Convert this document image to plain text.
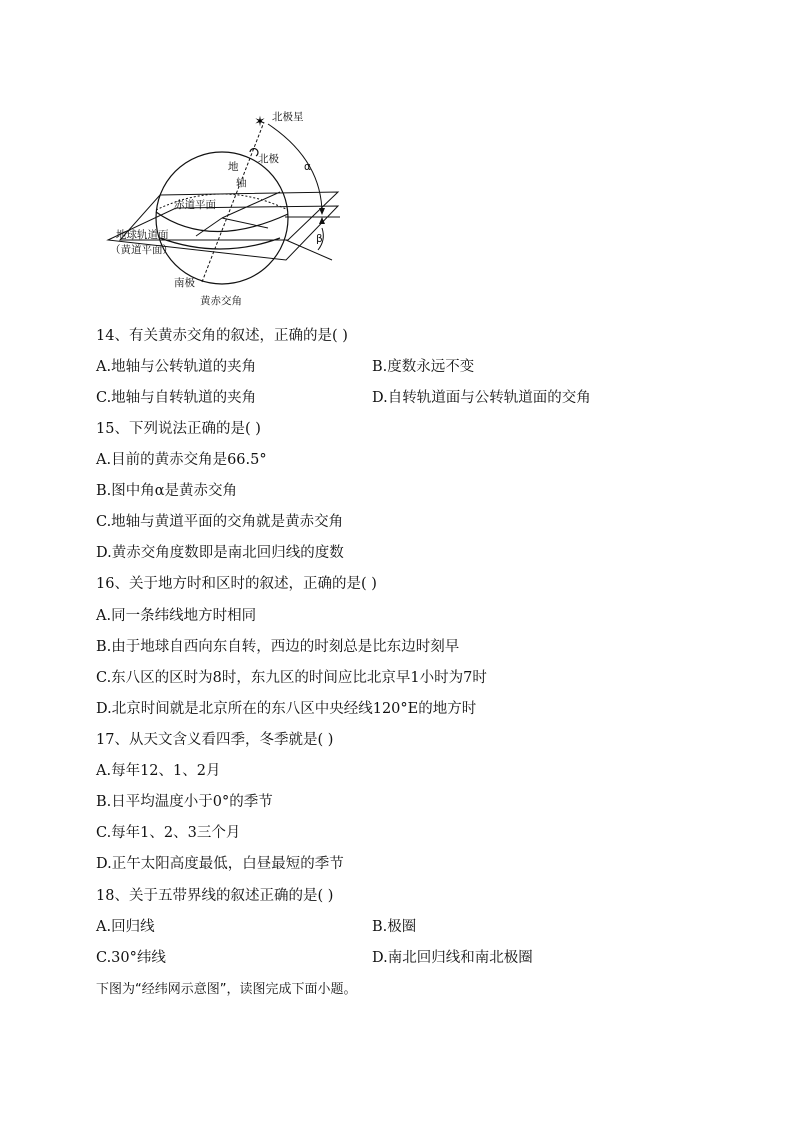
✶ 北极星
北极
地
轴
α
β
赤道平面
地球轨道面
（黄道平面）
南极
黄赤交角
14、有关黄赤交角的叙述，正确的是( )
A.地轴与公转轨道的夹角	B.度数永远不变
C.地轴与自转轨道的夹角	D.自转轨道面与公转轨道面的交角
15、下列说法正确的是( )
A.目前的黄赤交角是66.5°
B.图中角α是黄赤交角
C.地轴与黄道平面的交角就是黄赤交角
D.黄赤交角度数即是南北回归线的度数
16、关于地方时和区时的叙述，正确的是( )
A.同一条纬线地方时相同
B.由于地球自西向东自转，西边的时刻总是比东边时刻早
C.东八区的区时为8时，东九区的时间应比北京早1小时为7时
D.北京时间就是北京所在的东八区中央经线120°E的地方时
17、从天文含义看四季，冬季就是( )
A.每年12、1、2月
B.日平均温度小于0°的季节
C.每年1、2、3三个月
D.正午太阳高度最低，白昼最短的季节
18、关于五带界线的叙述正确的是( )
A.回归线	B.极圈
C.30°纬线	D.南北回归线和南北极圈
下图为“经纬网示意图”，读图完成下面小题。
